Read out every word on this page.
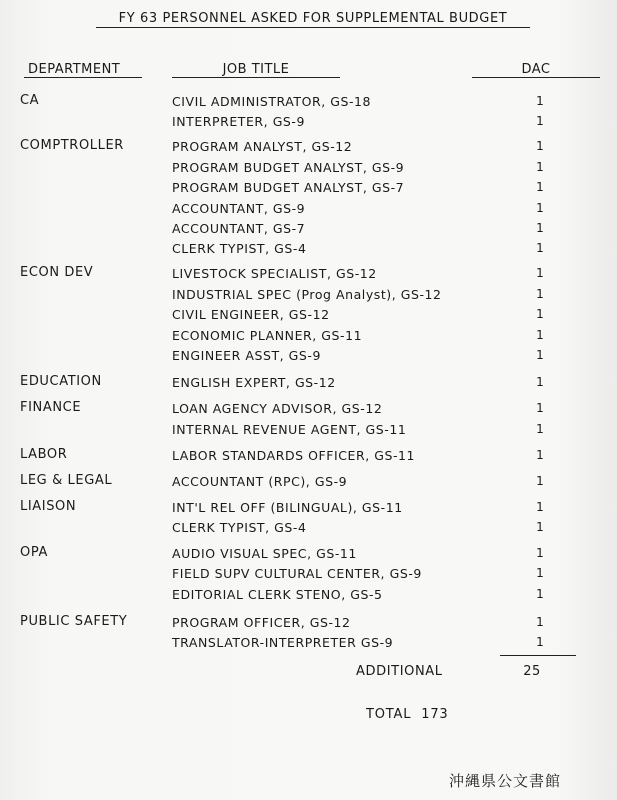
FY 63 PERSONNEL ASKED FOR SUPPLEMENTAL BUDGET
DEPARTMENT	JOB TITLE	DAC
CA	CIVIL ADMINISTRATOR, GS-18	1
INTERPRETER, GS-9	1
COMPTROLLER	PROGRAM ANALYST, GS-12	1
PROGRAM BUDGET ANALYST, GS-9	1
PROGRAM BUDGET ANALYST, GS-7	1
ACCOUNTANT, GS-9	1
ACCOUNTANT, GS-7	1
CLERK TYPIST, GS-4	1
ECON DEV	LIVESTOCK SPECIALIST, GS-12	1
INDUSTRIAL SPEC (Prog Analyst), GS-12	1
CIVIL ENGINEER, GS-12	1
ECONOMIC PLANNER, GS-11	1
ENGINEER ASST, GS-9	1
EDUCATION	ENGLISH EXPERT, GS-12	1
FINANCE	LOAN AGENCY ADVISOR, GS-12	1
INTERNAL REVENUE AGENT, GS-11	1
LABOR	LABOR STANDARDS OFFICER, GS-11	1
LEG & LEGAL	ACCOUNTANT (RPC), GS-9	1
LIAISON	INT'L REL OFF (BILINGUAL), GS-11	1
CLERK TYPIST, GS-4	1
OPA	AUDIO VISUAL SPEC, GS-11	1
FIELD SUPV CULTURAL CENTER, GS-9	1
EDITORIAL CLERK STENO, GS-5	1
PUBLIC SAFETY	PROGRAM OFFICER, GS-12	1
TRANSLATOR-INTERPRETER GS-9	1
ADDITIONAL	25
TOTAL 173
沖縄県公文書館
